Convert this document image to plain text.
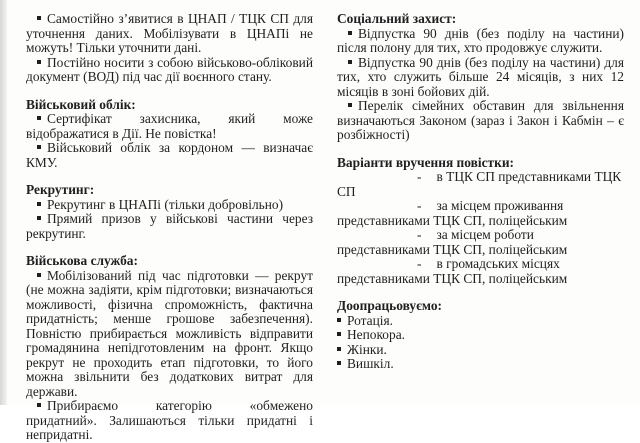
Самостійно з’явитися в ЦНАП / ТЦК СП для уточнення даних. Мобілізувати в ЦНАПі не можуть! Тільки уточнити дані.

Постійно носити з собою військово-обліковий документ (ВОД) під час дії воєнного стану.

Військовий облік:

Сертифікат захисника, який може відображатися в Дії. Не повістка!

Військовий облік за кордоном — визначає КМУ.

Рекрутинг:

Рекрутинг в ЦНАПі (тільки добровільно)

Прямий призов у військові частини через рекрутинг.

Військова служба:

Мобілізований під час підготовки — рекрут (не можна задіяти, крім підготовки; визначаються можливості, фізична спроможність, фактична придатність; менше грошове забезпечення). Повністю прибирається можливість відправити громадянина непідготовленим на фронт. Якщо рекрут не проходить етап підготовки, то його можна звільнити без додаткових витрат для держави.

Прибираємо категорію «обмежено придатний». Залишаються тільки придатні і непридатні.

Соціальний захист:

Відпустка 90 днів (без поділу на частини) після полону для тих, хто продовжує служити.

Відпустка 90 днів (без поділу на частини) для тих, хто служить більше 24 місяців, з них 12 місяців в зоні бойових дій.

Перелік сімейних обставин для звільнення визначаються Законом (зараз і Закон і Кабмін – є розбіжності)

Варіанти вручення повістки:

- в ТЦК СП представниками ТЦК СП

- за місцем проживання представниками ТЦК СП, поліцейським

- за місцем роботи представниками ТЦК СП, поліцейським

- в громадських місцях представниками ТЦК СП, поліцейським

Доопрацьовуємо:

Ротація.

Непокора.

Жінки.

Вишкіл.
